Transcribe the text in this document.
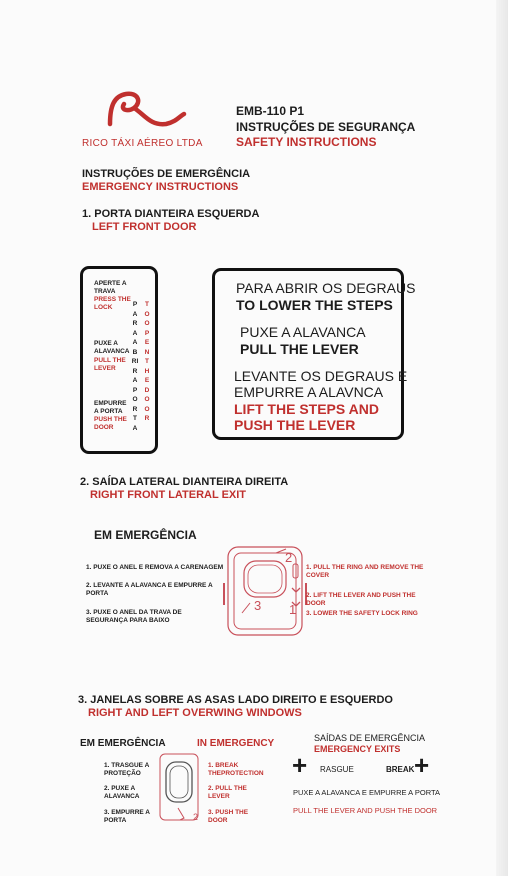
RICO TÁXI AÉREO LTDA
EMB-110 P1
INSTRUÇÕES DE SEGURANÇA
SAFETY INSTRUCTIONS
INSTRUÇÕES DE EMERGÊNCIA
EMERGENCY INSTRUCTIONS
1. PORTA DIANTEIRA ESQUERDA
LEFT FRONT DOOR
APERTE A TRAVA
PRESS THE LOCK
PUXE A ALAVANCA
PULL THE LEVER
EMPURRE A PORTA
PUSH THE DOOR
PARA ABRIR A PORTA
TO OPEN THE DOOR
PARA ABRIR OS DEGRAUS
TO LOWER THE STEPS
PUXE A ALAVANCA
PULL THE LEVER
LEVANTE OS DEGRAUS E
EMPURRE A ALAVNCA
LIFT THE STEPS AND
PUSH THE LEVER
2. SAÍDA LATERAL DIANTEIRA DIREITA
RIGHT FRONT LATERAL EXIT
EM EMERGÊNCIA
1. PUXE O ANEL E REMOVA A CARENAGEM
2. LEVANTE A ALAVANCA E EMPURRE A PORTA
3. PUXE O ANEL DA TRAVA DE SEGURANÇA PARA BAIXO
2
3 1
1. PULL THE RING AND REMOVE THE COVER
2. LIFT THE LEVER AND PUSH THE DOOR
3. LOWER THE SAFETY LOCK RING
3. JANELAS SOBRE AS ASAS LADO DIREITO E ESQUERDO
RIGHT AND LEFT OVERWING WINDOWS
EM EMERGÊNCIA	IN EMERGENCY
1. TRASGUE A PROTEÇÃO
2. PUXE A ALAVANCA
3. EMPURRE A PORTA	2
1. BREAK THEPROTECTION
2. PULL THE LEVER
3. PUSH THE DOOR
SAÍDAS DE EMERGÊNCIA
EMERGENCY EXITS
+ RASGUE	BREAK +
PUXE A ALAVANCA E EMPURRE A PORTA
PULL THE LEVER AND PUSH THE DOOR
